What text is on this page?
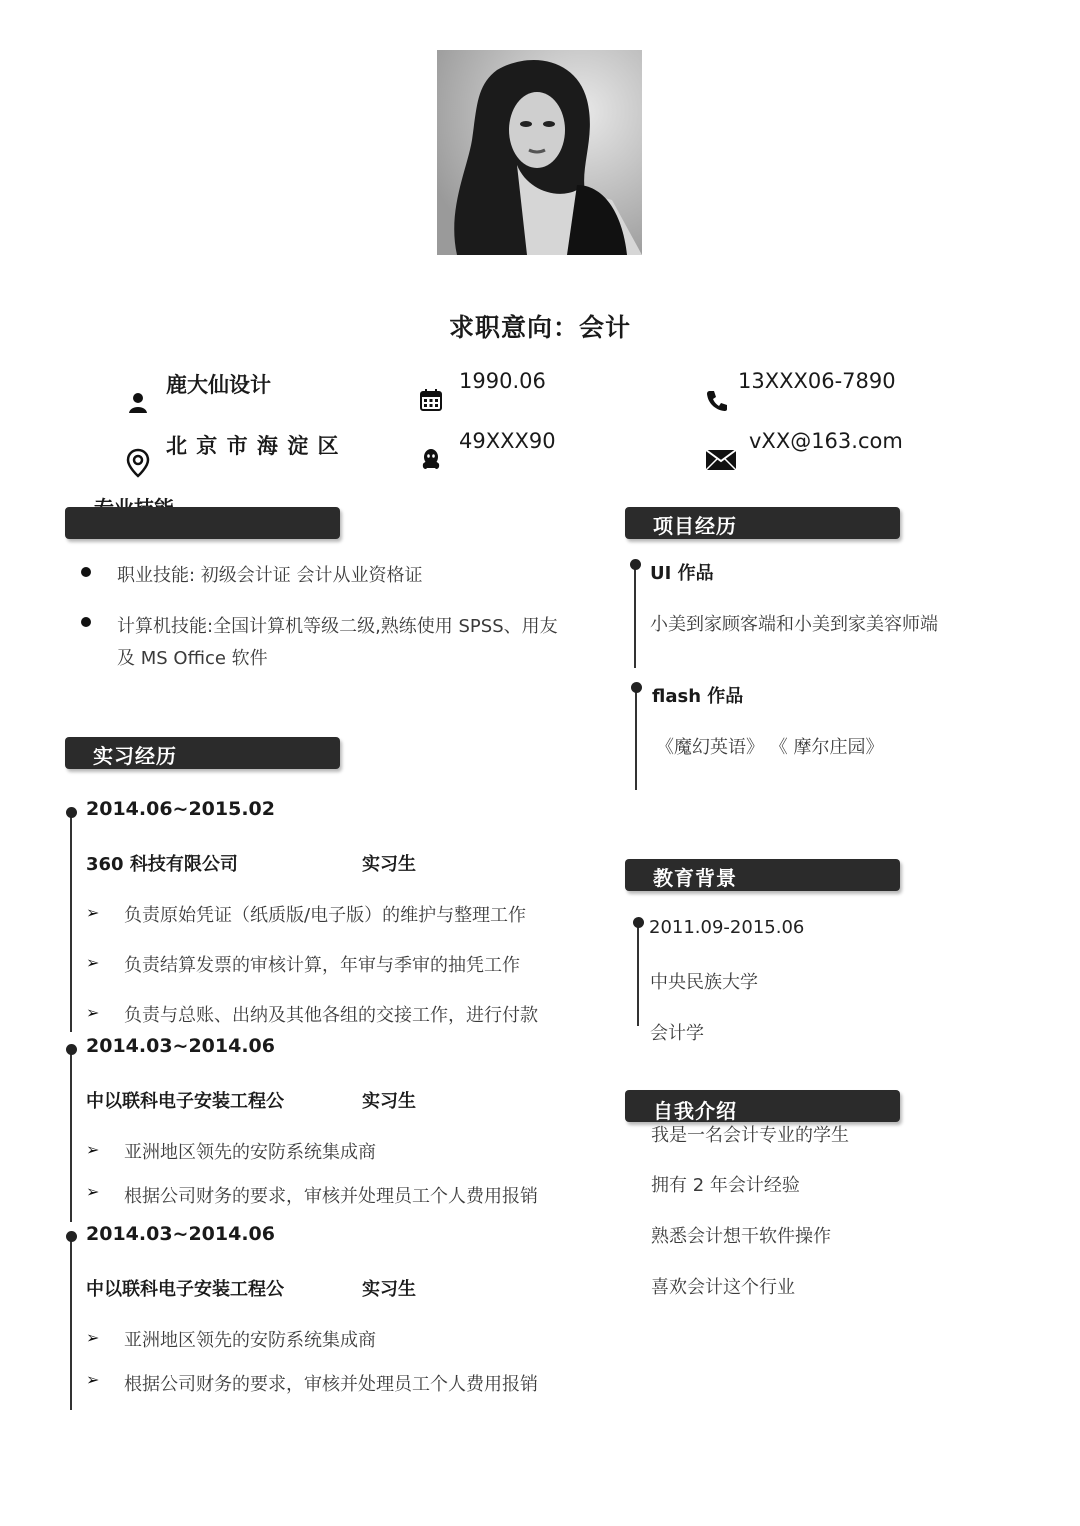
求职意向：会计
鹿大仙设计	1990.06	13XXX06-7890
北 京 市 海 淀 区	49XXX90	vXX@163.com
职业技能: 初级会计证 会计从业资格证
计算机技能:全国计算机等级二级,熟练使用 SPSS、用友
及 MS Office 软件
实习经历
2014.06~2015.02
360 科技有限公司	实习生
➢ 负责原始凭证（纸质版/电子版）的维护与整理工作
➢ 负责结算发票的审核计算，年审与季审的抽凭工作
➢ 负责与总账、出纳及其他各组的交接工作，进行付款
2014.03~2014.06
中以联科电子安装工程公	实习生
➢ 亚洲地区领先的安防系统集成商
➢ 根据公司财务的要求，审核并处理员工个人费用报销
2014.03~2014.06
中以联科电子安装工程公	实习生
➢ 亚洲地区领先的安防系统集成商
➢ 根据公司财务的要求，审核并处理员工个人费用报销
项目经历
UI 作品
小美到家顾客端和小美到家美容师端
flash 作品
《魔幻英语》 《 摩尔庄园》
教育背景
2011.09-2015.06
中央民族大学
会计学
自我介绍
我是一名会计专业的学生
拥有 2 年会计经验
熟悉会计想干软件操作
喜欢会计这个行业
